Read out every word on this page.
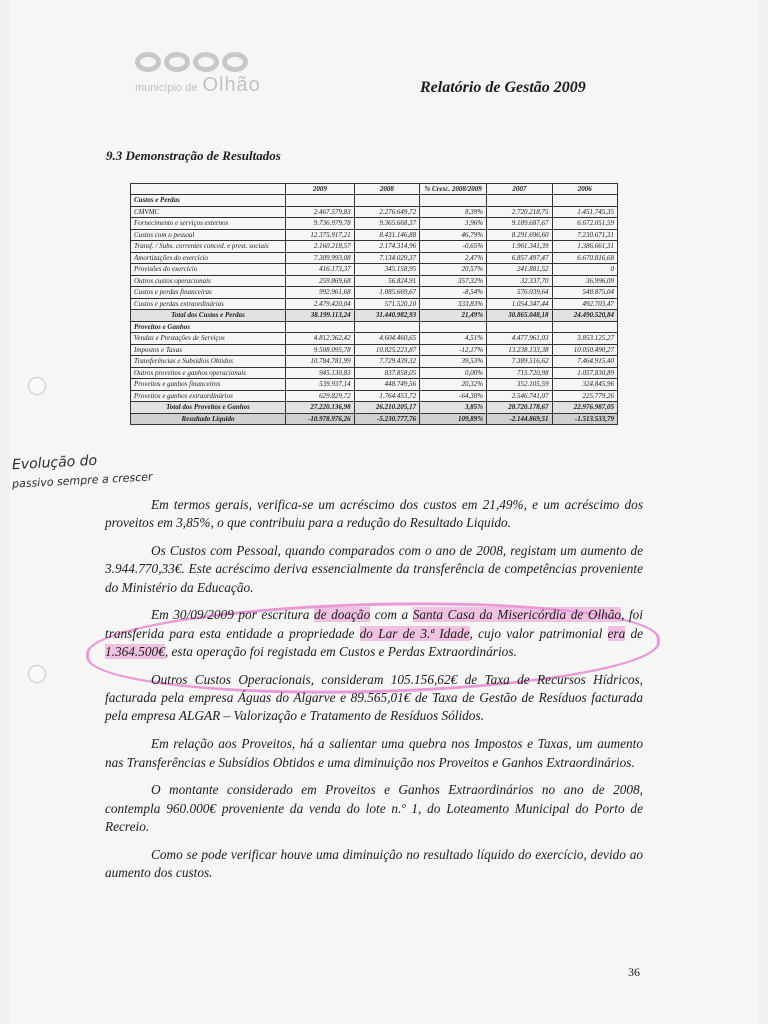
município de Olhão	Relatório de Gestão 2009
9.3 Demonstração de Resultados
	2009	2008	% Cresc. 2008/2009	2007	2006
Custos e Perdas					
CMVMC	2.467.579,83	2.276.649,72	8,39%	2.720.218,75	1.451.745,35
Fornecimento e serviços externos	9.736.979,78	9.365.668,37	3,96%	9.189.687,67	6.672.051,59
Custos com o pessoal	12.375.917,21	8.431.146,88	46,79%	8.291.696,60	7.230.671,31
Transf. / Subs. correntes conced. e prest. sociais	2.160.218,57	2.174.314,96	-0,65%	1.961.341,39	1.386.661,31
Amortizações do exercício	7.309.993,08	7.134.029,37	2,47%	6.857.497,47	6.670.816,68
Provisões do exercício	416.173,37	345.158,95	20,57%	241.881,52	0
Outros custos operacionais	259.869,68	56.824,91	357,32%	32.337,70	36.996,09
Custos e perdas financeiras	992.961,68	1.085.669,67	-8,54%	576.039,64	548.875,04
Custos e perdas extraordinárias	2.479.420,04	571.520,10	333,83%	1.054.347,44	492.703,47
Total dos Custos e Perdas	38.199.113,24	31.440.982,93	21,49%	30.865.048,18	24.490.520,84
Proveitos e Ganhos					
Vendas e Prestações de Serviços	4.812.362,42	4.604.460,65	4,51%	4.477.961,03	3.853.125,27
Impostos e Taxas	9.508.095,78	10.825.223,87	-12,17%	13.238.133,38	10.050.490,27
Transferências e Subsídios Obtidos	10.784.781,99	7.729.439,32	39,53%	7.389.516,62	7.464.915,40
Outros proveitos e ganhos operacionais	945.130,83	837.858,05	0,00%	715.720,98	1.057.830,89
Proveitos e ganhos financeiros	539.937,14	448.749,56	20,32%	352.105,59	324.845,96
Proveitos e ganhos extraordinários	629.829,72	1.764.453,72	-64,30%	2.546.741,07	225.779,26
Total dos Proveitos e Ganhos	27.220.136,98	26.210.205,17	3,85%	28.720.178,67	22.976.987,05
Resultado Líquido	-10.978.976,26	-5.230.777,76	109,89%	-2.144.869,51	-1.513.533,79
Evolução do
passivo sempre a crescer

Em termos gerais, verifica-se um acréscimo dos custos em 21,49%, e um acréscimo dos proveitos em 3,85%, o que contribuiu para a redução do Resultado Liquido.

Os Custos com Pessoal, quando comparados com o ano de 2008, registam um aumento de 3.944.770,33€. Este acréscimo deriva essencialmente da transferência de competências proveniente do Ministério da Educação.

Em 30/09/2009 por escritura de doação com a Santa Casa da Misericórdia de Olhão, foi transferida para esta entidade a propriedade do Lar de 3.ª Idade, cujo valor patrimonial era de 1.364.500€, esta operação foi registada em Custos e Perdas Extraordinários.

Outros Custos Operacionais, consideram 105.156,62€ de Taxa de Recursos Hídricos, facturada pela empresa Águas do Algarve e 89.565,01€ de Taxa de Gestão de Resíduos facturada pela empresa ALGAR – Valorização e Tratamento de Resíduos Sólidos.

Em relação aos Proveitos, há a salientar uma quebra nos Impostos e Taxas, um aumento nas Transferências e Subsídios Obtidos e uma diminuição nos Proveitos e Ganhos Extraordinários.

O montante considerado em Proveitos e Ganhos Extraordinários no ano de 2008, contempla 960.000€ proveniente da venda do lote n.º 1, do Loteamento Municipal do Porto de Recreio.

Como se pode verificar houve uma diminuição no resultado líquido do exercício, devido ao aumento dos custos.

36
